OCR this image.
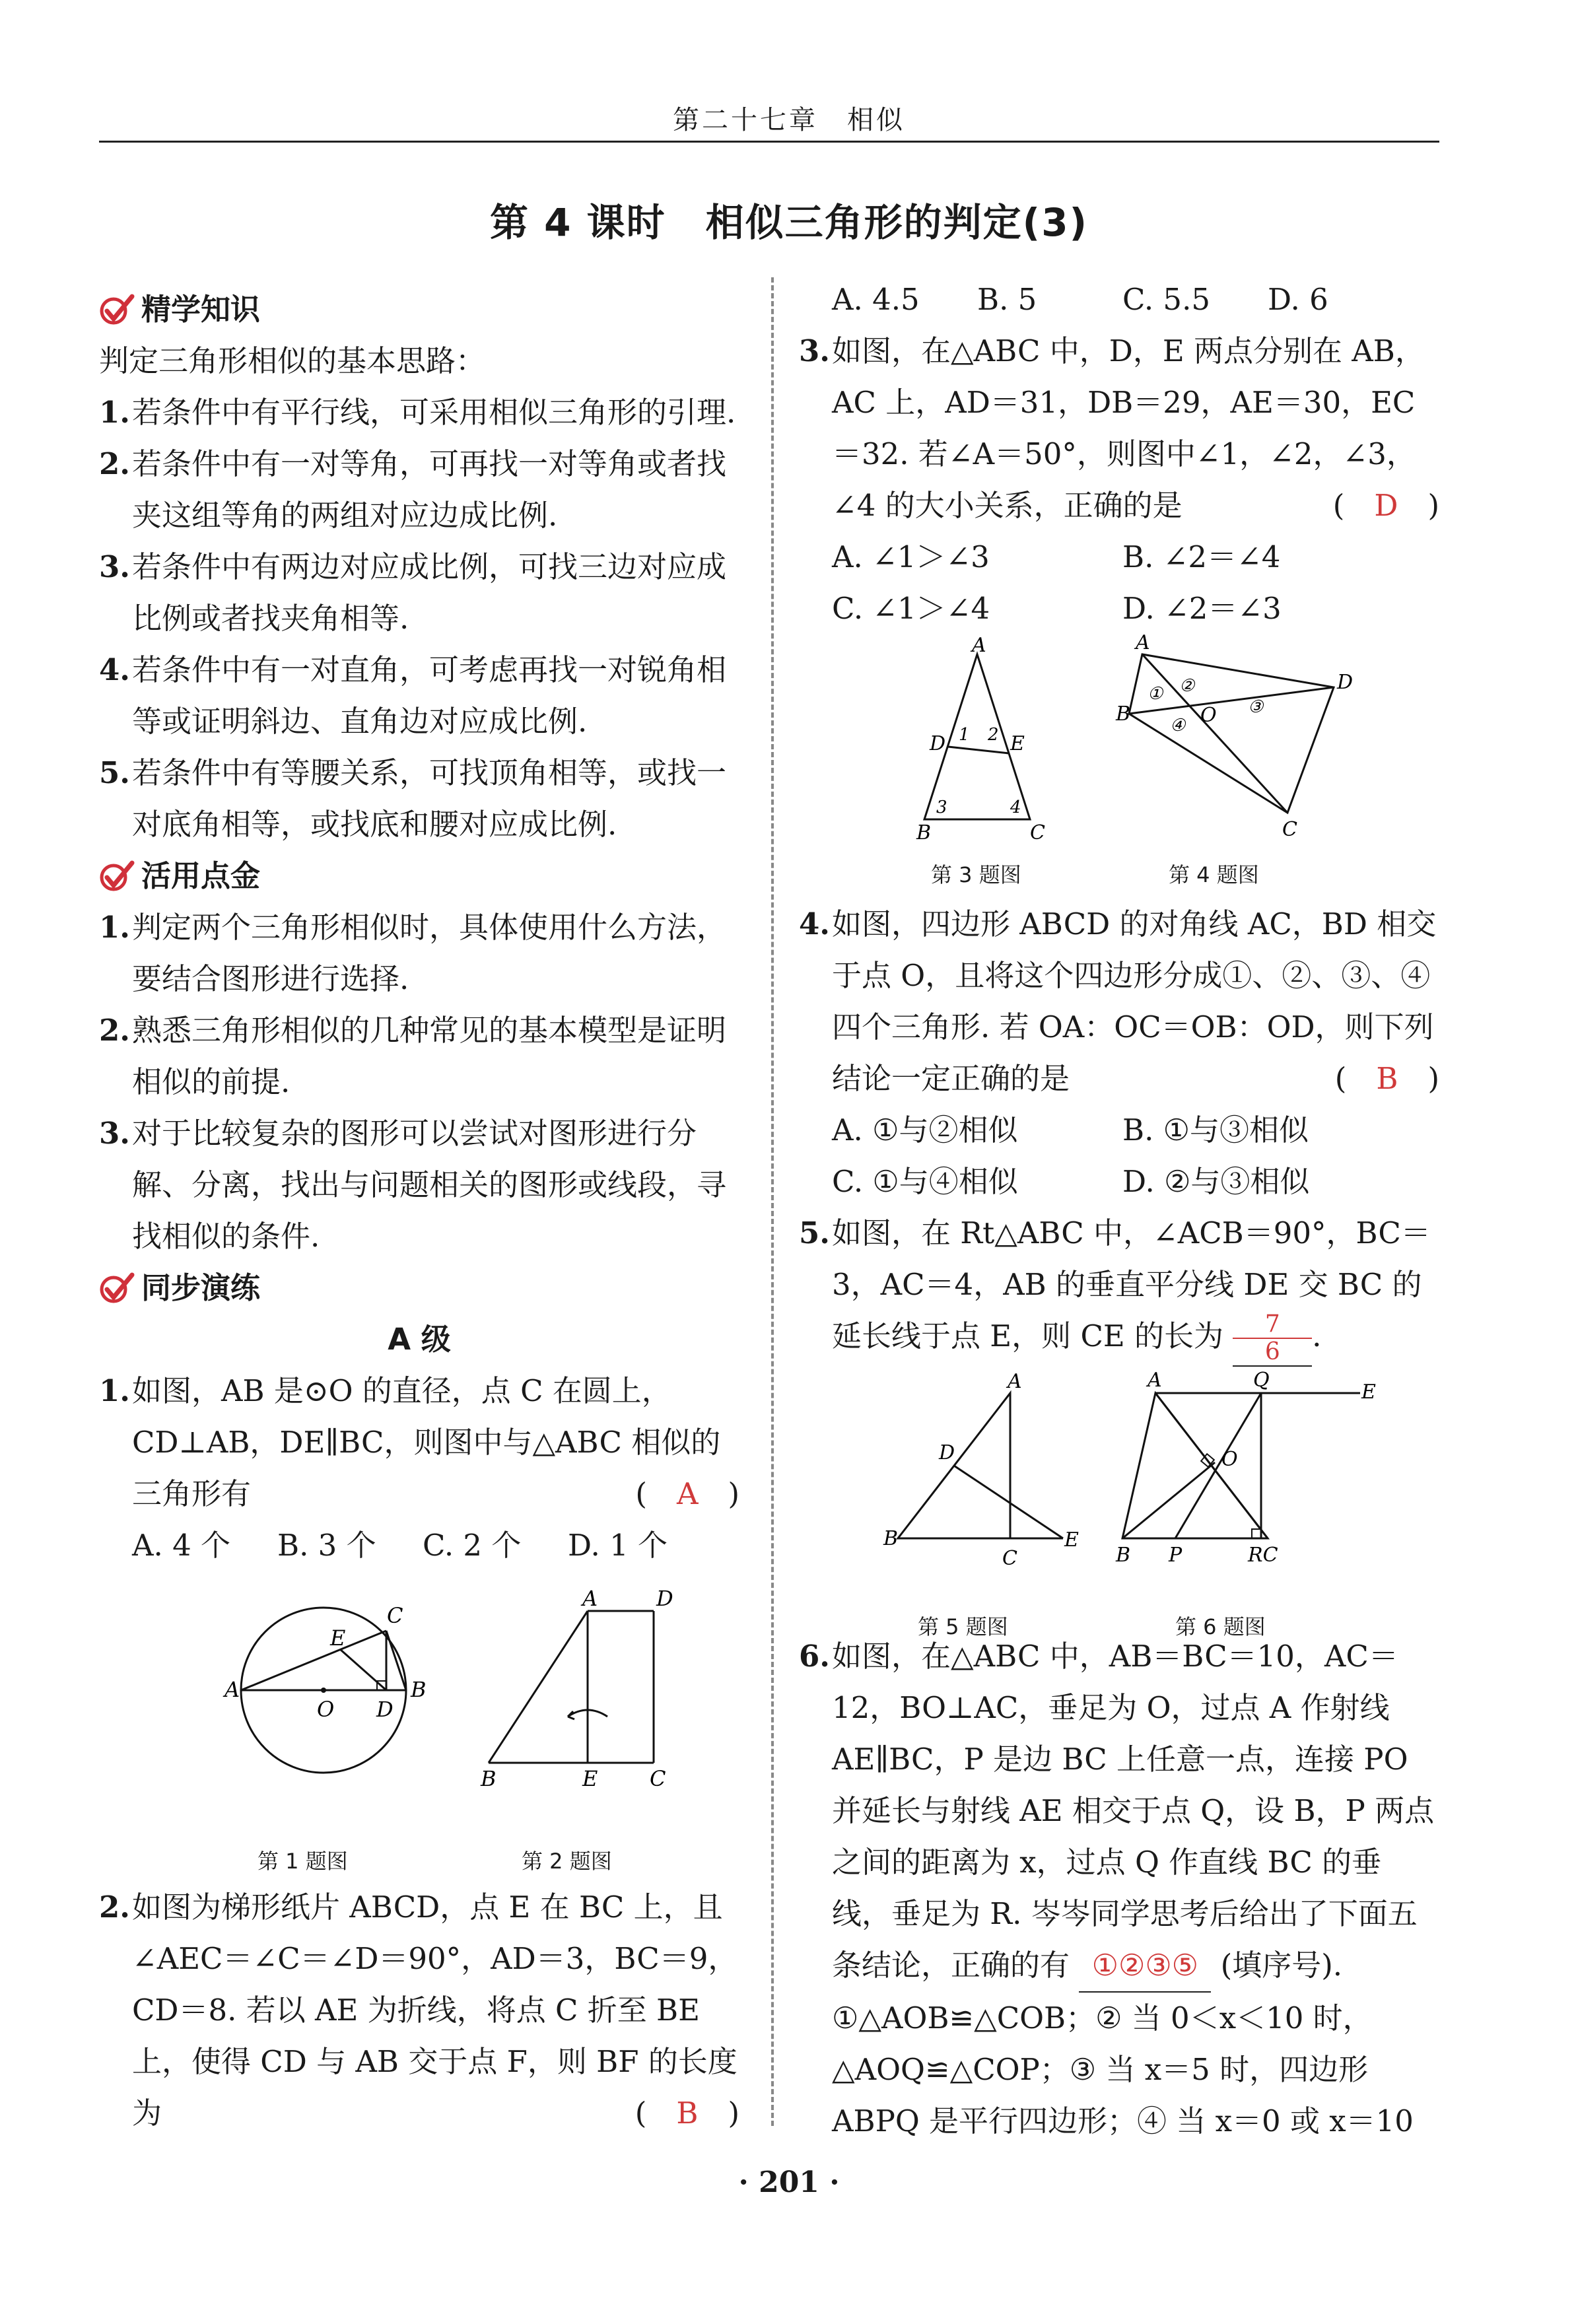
第二十七章　相似
第 4 课时　相似三角形的判定(3)
精学知识

判定三角形相似的基本思路：

1. 若条件中有平行线，可采用相似三角形的引理.
2. 若条件中有一对等角，可再找一对等角或者找夹这组等角的两组对应边成比例.
3. 若条件中有两边对应成比例，可找三边对应成比例或者找夹角相等.
4. 若条件中有一对直角，可考虑再找一对锐角相等或证明斜边、直角边对应成比例.
5. 若条件中有等腰关系，可找顶角相等，或找一对底角相等，或找底和腰对应成比例.
活用点金
1. 判定两个三角形相似时，具体使用什么方法，要结合图形进行选择.
2. 熟悉三角形相似的几种常见的基本模型是证明相似的前提.
3. 对于比较复杂的图形可以尝试对图形进行分解、分离，找出与问题相关的图形或线段，寻找相似的条件.
同步演练

A 级

1. 如图，AB 是⊙O 的直径，点 C 在圆上，CD⊥AB，DE∥BC，则图中与△ABC 相似的三角形有	(　A　)
A. 4 个	B. 3 个	C. 2 个	D. 1 个
A	B
C
E
O D
A	D
B	E C
第 1 题图	第 2 题图
2. 如图为梯形纸片 ABCD，点 E 在 BC 上，且∠AEC＝∠C＝∠D＝90°，AD＝3，BC＝9，CD＝8. 若以 AE 为折线，将点 C 折至 BE 上，使得 CD 与 AB 交于点 F，则 BF 的长度为	(　B　)
A. 4.5	B. 5	C. 5.5	D. 6
3. 如图，在△ABC 中，D，E 两点分别在 AB，AC 上，AD＝31，DB＝29，AE＝30，EC＝32. 若∠A＝50°，则图中∠1，∠2，∠3，∠4 的大小关系，正确的是	(　D　)
A. ∠1＞∠3	B. ∠2＝∠4
C. ∠1＞∠4	D. ∠2＝∠3
A
B	C
D	E
1 2
3	4
A
D
B
C
O
① ②
③
④
第 3 题图	第 4 题图
4. 如图，四边形 ABCD 的对角线 AC，BD 相交于点 O，且将这个四边形分成①、②、③、④四个三角形. 若 OA：OC＝OB：OD，则下列结论一定正确的是	(　B　)
A. ①与②相似	B. ①与③相似
C. ①与④相似	D. ②与③相似
5. 如图，在 Rt△ABC 中，∠ACB＝90°，BC＝3，AC＝4，AB 的垂直平分线 DE 交 BC 的延长线于点 E，则 CE 的长为 $\frac{7}{6}$ ．
A
B
C
D
E
A	Q
E
B P	RC
O
第 5 题图	第 6 题图
6. 如图，在△ABC 中，AB＝BC＝10，AC＝12，BO⊥AC，垂足为 O，过点 A 作射线 AE∥BC，P 是边 BC 上任意一点，连接 PO 并延长与射线 AE 相交于点 Q，设 B，P 两点之间的距离为 x，过点 Q 作直线 BC 的垂线，垂足为 R. 岑岑同学思考后给出了下面五条结论，正确的有 ①②③⑤ (填序号).

①△AOB≌△COB；② 当 0＜x＜10 时，△AOQ≌△COP；③ 当 x＝5 时，四边形 ABPQ 是平行四边形；④ 当 x＝0 或 x＝10

· 201 ·
